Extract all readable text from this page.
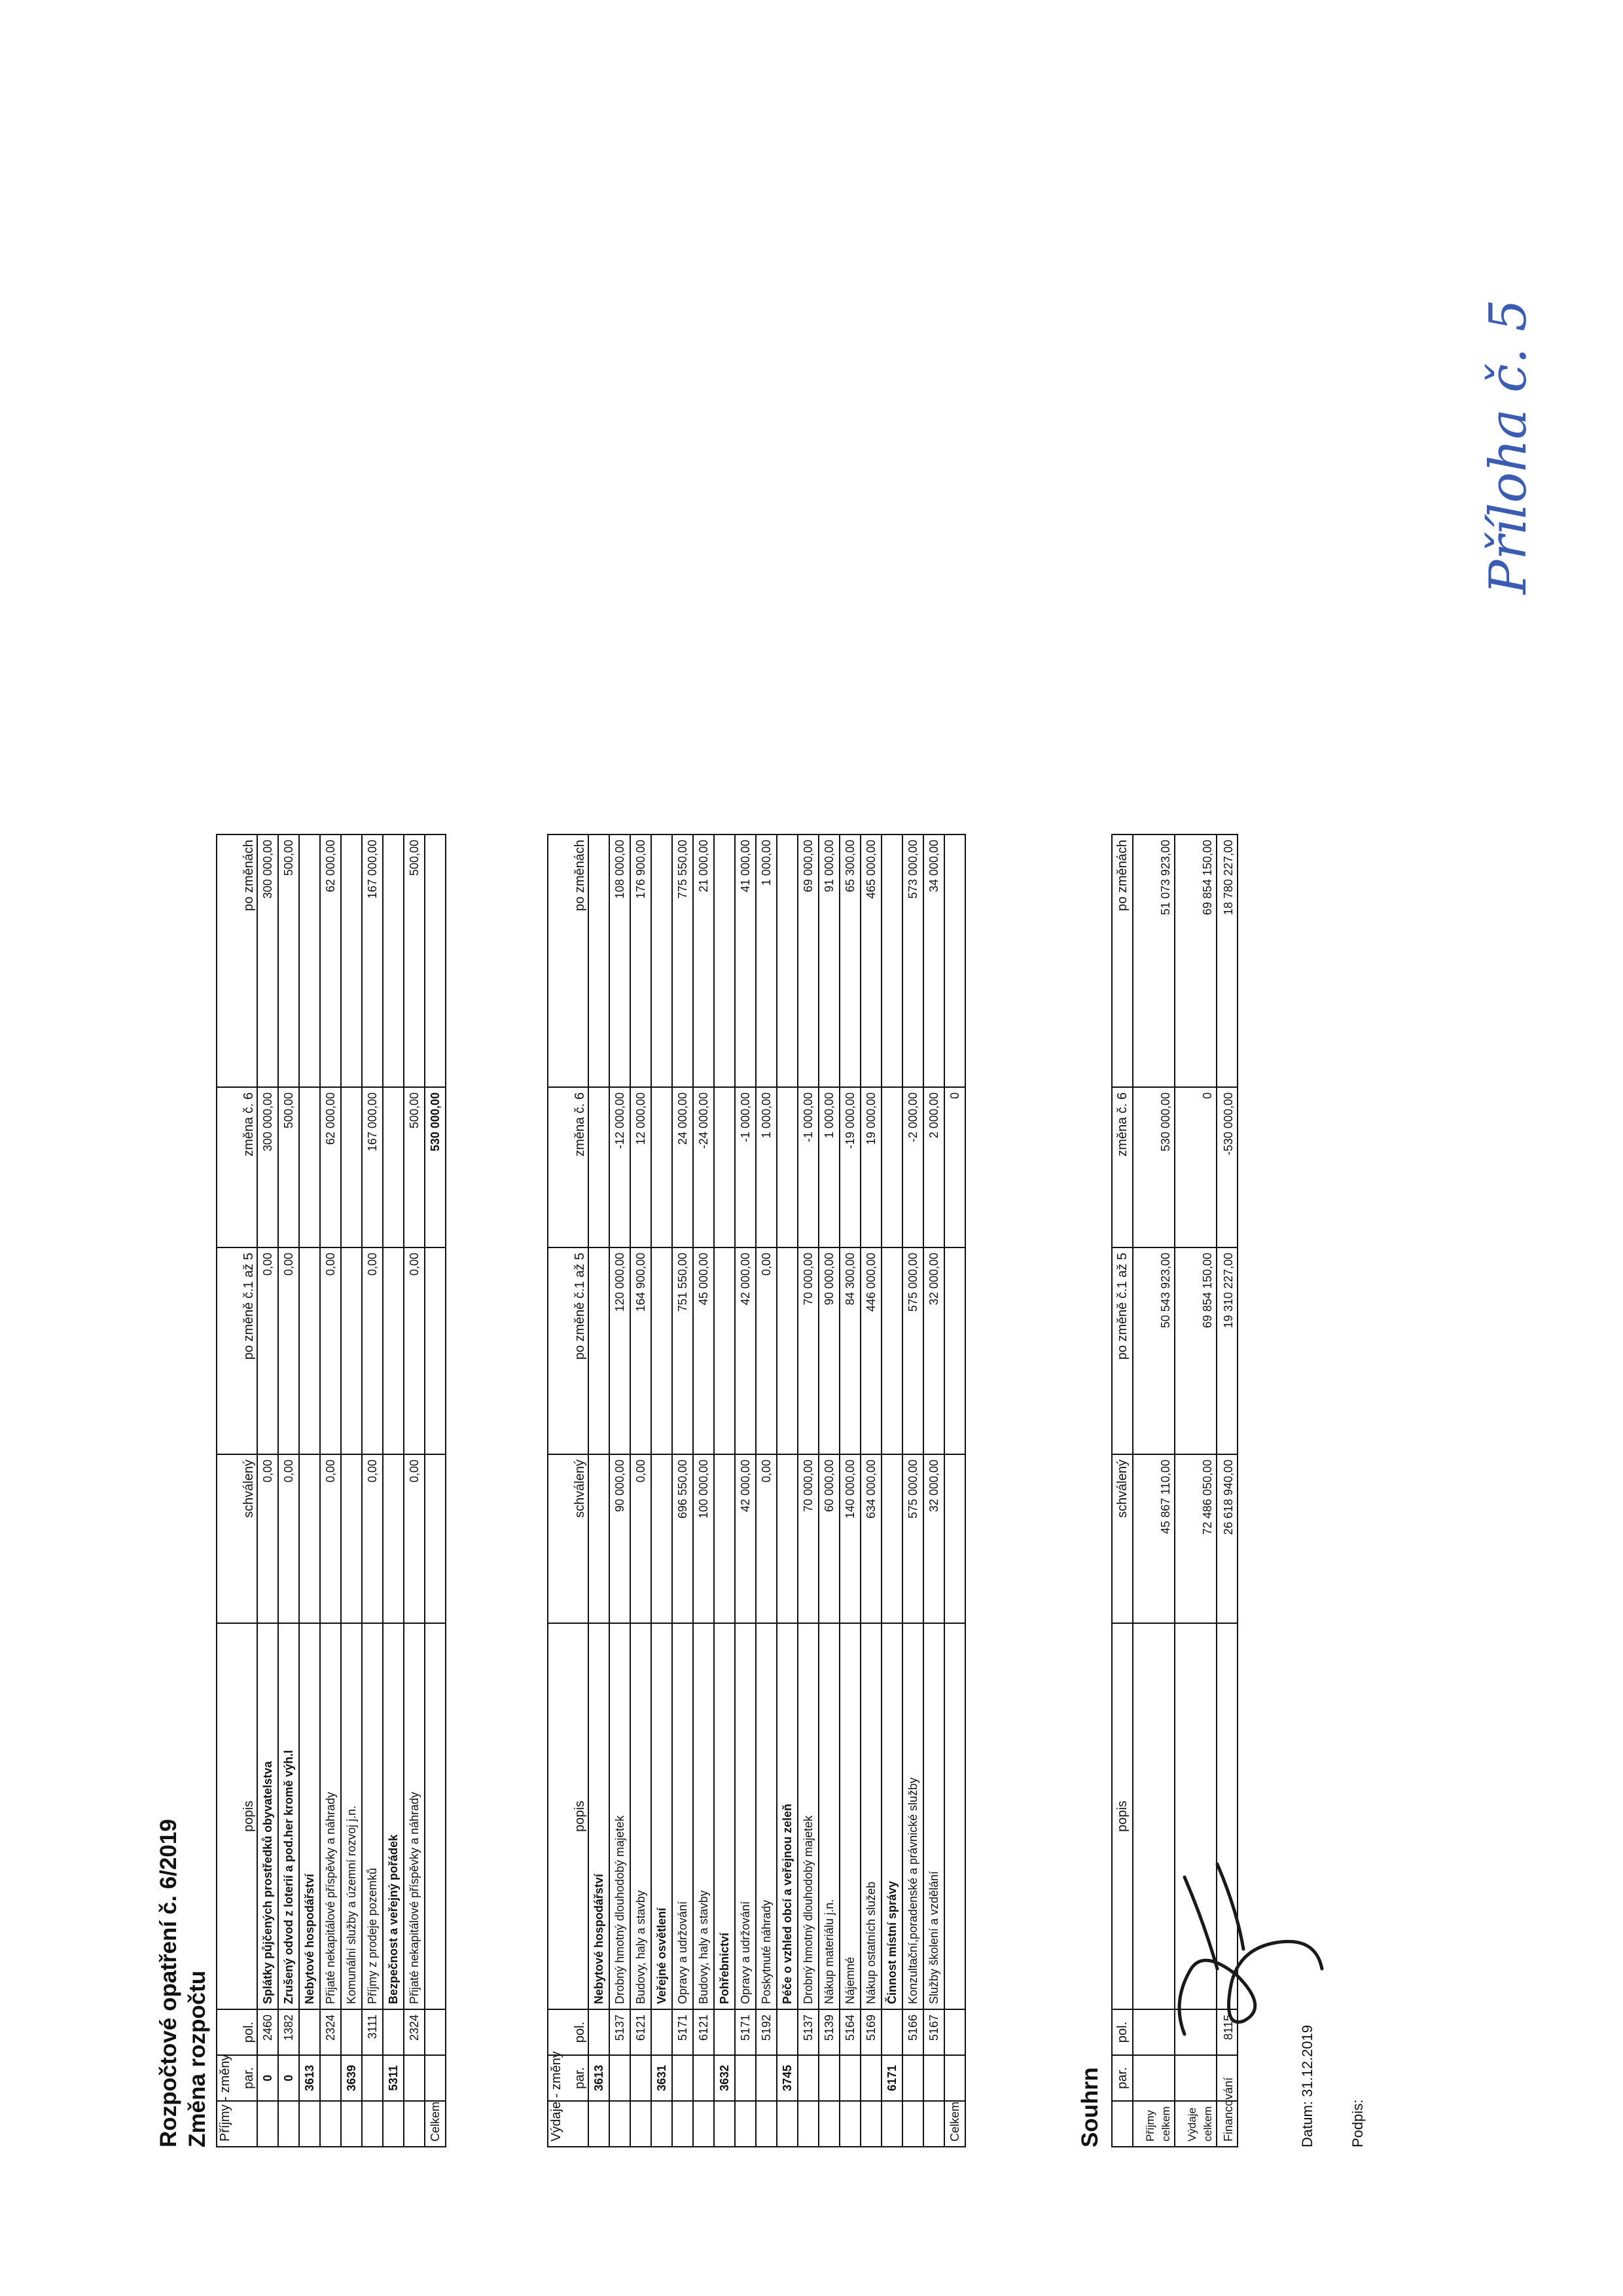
Rozpočtové opatření č. 6/2019 Změna rozpočtu Příjmy - změny	par.	pol.	popis	schválený	po změně č.1 až 5	změna č. 6	po změnách
	0	2460	Splátky půjčených prostředků obyvatelstva	0,00	0,00	300 000,00	300 000,00
	0	1382	Zrušený odvod z loterií a pod.her kromě výh.l	0,00	0,00	500,00	500,00
	3613		Nebytové hospodářství				
		2324	Přijaté nekapitálové příspěvky a náhrady	0,00	0,00	62 000,00	62 000,00
	3639		Komunální služby a územní rozvoj j.n.				
		3111	Příjmy z prodeje pozemků	0,00	0,00	167 000,00	167 000,00
	5311		Bezpečnost a veřejný pořádek				
		2324	Přijaté nekapitálové příspěvky a náhrady	0,00	0,00	500,00	500,00
Celkem						530 000,00	
Výdaje - změny	par.	pol.	popis	schválený	po změně č.1 až 5	změna č. 6	po změnách
	3613		Nebytové hospodářství				
		5137	Drobný hmotný dlouhodobý majetek	90 000,00	120 000,00	-12 000,00	108 000,00
		6121	Budovy, haly a stavby	0,00	164 900,00	12 000,00	176 900,00
	3631		Veřejné osvětlení				
		5171	Opravy a udržování	696 550,00	751 550,00	24 000,00	775 550,00
		6121	Budovy, haly a stavby	100 000,00	45 000,00	-24 000,00	21 000,00
	3632		Pohřebnictví				
		5171	Opravy a udržování	42 000,00	42 000,00	-1 000,00	41 000,00
		5192	Poskytnuté náhrady	0,00	0,00	1 000,00	1 000,00
	3745		Péče o vzhled obcí a veřejnou zeleň				
		5137	Drobný hmotný dlouhodobý majetek	70 000,00	70 000,00	-1 000,00	69 000,00
		5139	Nákup materiálu j.n.	60 000,00	90 000,00	1 000,00	91 000,00
		5164	Nájemné	140 000,00	84 300,00	-19 000,00	65 300,00
		5169	Nákup ostatních služeb	634 000,00	446 000,00	19 000,00	465 000,00
	6171		Činnost místní správy				
		5166	Konzultační,poradenské a právnické služby	575 000,00	575 000,00	-2 000,00	573 000,00
		5167	Služby školení a vzdělání	32 000,00	32 000,00	2 000,00	34 000,00
Celkem						0	
Souhrn
	par.	pol.	popis	schválený	po změně č.1 až 5	změna č. 6	po změnách
Příjmy celkem				45 867 110,00	50 543 923,00	530 000,00	51 073 923,00
Výdaje celkem				72 486 050,00	69 854 150,00	0	69 854 150,00
Financování		8115		26 618 940,00	19 310 227,00	-530 000,00	18 780 227,00
Datum: 31.12.2019 Podpis:
Příloha č. 5
